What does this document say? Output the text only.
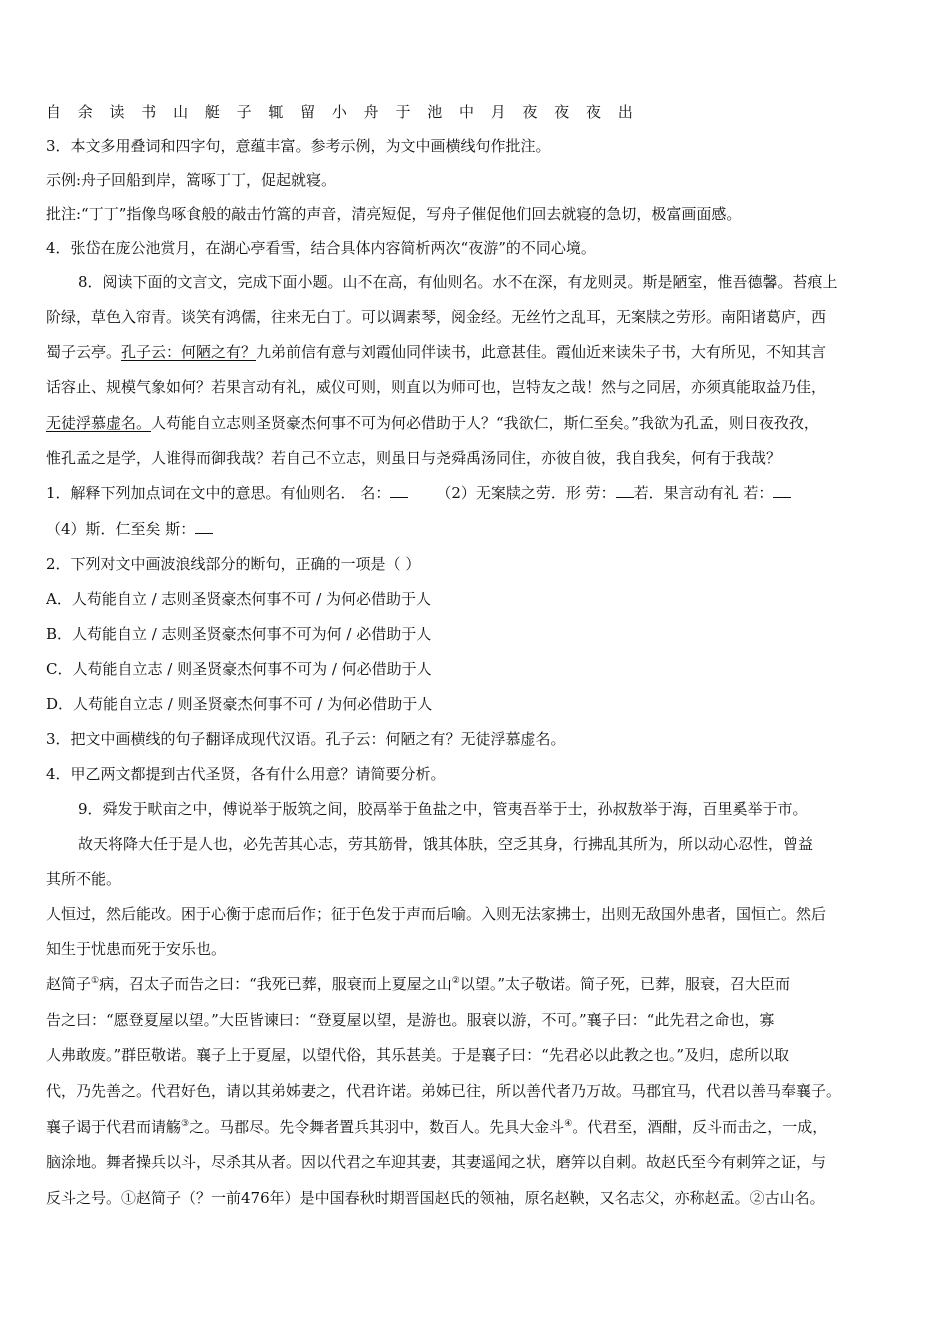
自 余 读 书 山 艇 子 辄 留 小 舟 于 池 中 月 夜 夜 夜 出
3．本文多用叠词和四字句，意蕴丰富。参考示例，为文中画横线句作批注。
示例:舟子回船到岸，篙啄丁丁，促起就寝。
批注:“丁丁”指像鸟啄食般的敲击竹篙的声音，清亮短促，写舟子催促他们回去就寝的急切，极富画面感。
4．张岱在庞公池赏月，在湖心亭看雪，结合具体内容简析两次“夜游”的不同心境。
8．阅读下面的文言文，完成下面小题。山不在高，有仙则名。水不在深，有龙则灵。斯是陋室，惟吾德馨。苔痕上
阶绿，草色入帘青。谈笑有鸿儒，往来无白丁。可以调素琴，阅金经。无丝竹之乱耳，无案牍之劳形。南阳诸葛庐，西
蜀子云亭。孔子云：何陋之有？九弟前信有意与刘霞仙同伴读书，此意甚佳。霞仙近来读朱子书，大有所见，不知其言
话容止、规模气象如何？若果言动有礼，威仪可则，则直以为师可也，岂特友之哉！然与之同居，亦须真能取益乃佳，
无徒浮慕虚名。人苟能自立志则圣贤豪杰何事不可为何必借助于人？“我欲仁，斯仁至矣。”我欲为孔孟，则日夜孜孜，
惟孔孟之是学，人谁得而御我哉？若自己不立志，则虽日与尧舜禹汤同住，亦彼自彼，我自我矣，何有于我哉？
1．解释下列加点词在文中的意思。有仙则名． 名：	（2）无案牍之劳．形 劳： 若．果言动有礼 若：
（4）斯．仁至矣 斯：
2．下列对文中画波浪线部分的断句，正确的一项是（ ）
A．人苟能自立 / 志则圣贤豪杰何事不可 / 为何必借助于人
B．人苟能自立 / 志则圣贤豪杰何事不可为何 / 必借助于人
C．人苟能自立志 / 则圣贤豪杰何事不可为 / 何必借助于人
D．人苟能自立志 / 则圣贤豪杰何事不可 / 为何必借助于人
3．把文中画横线的句子翻译成现代汉语。孔子云：何陋之有？无徒浮慕虚名。
4．甲乙两文都提到古代圣贤，各有什么用意？请简要分析。
9．舜发于畎亩之中，傅说举于版筑之间，胶鬲举于鱼盐之中，管夷吾举于士，孙叔敖举于海，百里奚举于市。
故天将降大任于是人也，必先苦其心志，劳其筋骨，饿其体肤，空乏其身，行拂乱其所为，所以动心忍性，曾益
其所不能。
人恒过，然后能改。困于心衡于虑而后作；征于色发于声而后喻。入则无法家拂士，出则无敌国外患者，国恒亡。然后
知生于忧患而死于安乐也。
赵简子①病，召太子而告之曰：“我死已葬，服衰而上夏屋之山②以望。”太子敬诺。简子死，已葬，服衰，召大臣而
告之曰：“愿登夏屋以望。”大臣皆谏曰：“登夏屋以望，是游也。服衰以游，不可。”襄子曰：“此先君之命也，寡
人弗敢废。”群臣敬诺。襄子上于夏屋，以望代俗，其乐甚美。于是襄子曰：“先君必以此教之也。”及归，虑所以取
代，乃先善之。代君好色，请以其弟姊妻之，代君许诺。弟姊已往，所以善代者乃万故。马郡宜马，代君以善马奉襄子。
襄子谒于代君而请觞③之。马郡尽。先令舞者置兵其羽中，数百人。先具大金斗④。代君至，酒酣，反斗而击之，一成，
脑涂地。舞者操兵以斗，尽杀其从者。因以代君之车迎其妻，其妻遥闻之状，磨笄以自刺。故赵氏至今有刺笄之证，与
反斗之号。①赵简子（？一前476年）是中国春秋时期晋国赵氏的领袖，原名赵鞅，又名志父，亦称赵孟。②古山名。
